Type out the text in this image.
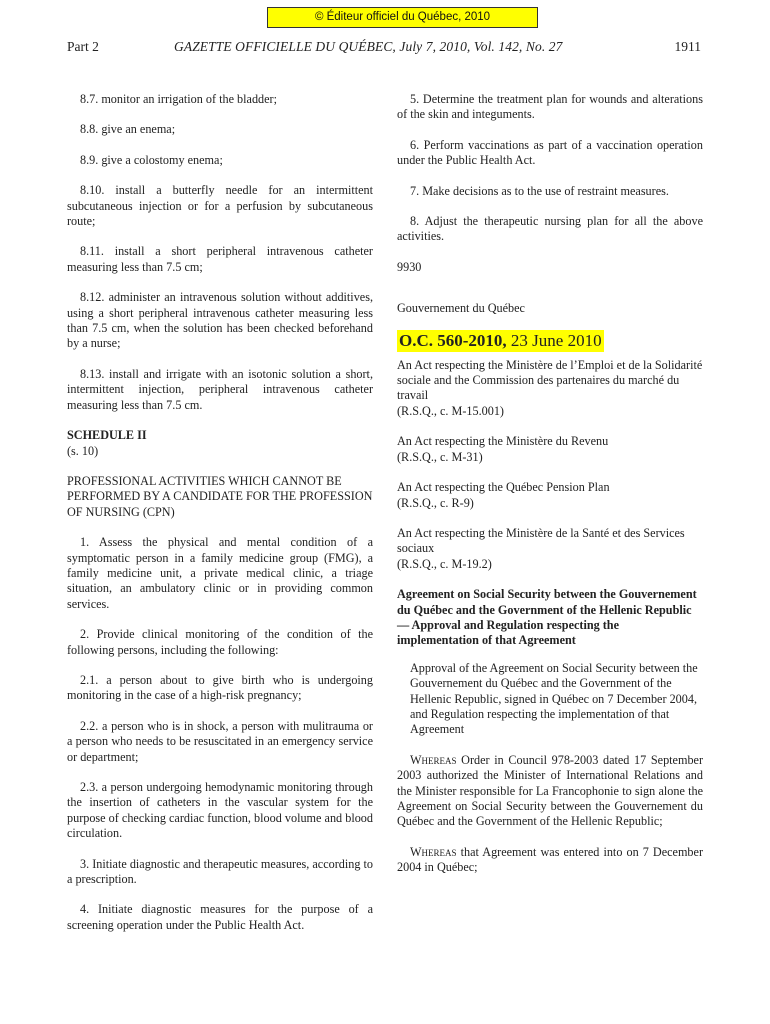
© Éditeur officiel du Québec, 2010
Part 2	GAZETTE OFFICIELLE DU QUÉBEC, July 7, 2010, Vol. 142, No. 27	1911

8.7. monitor an irrigation of the bladder;

8.8. give an enema;

8.9. give a colostomy enema;

8.10. install a butterfly needle for an intermittent subcutaneous injection or for a perfusion by subcutaneous route;

8.11. install a short peripheral intravenous catheter measuring less than 7.5 cm;

8.12. administer an intravenous solution without additives, using a short peripheral intravenous catheter measuring less than 7.5 cm, when the solution has been checked beforehand by a nurse;

8.13. install and irrigate with an isotonic solution a short, intermittent injection, peripheral intravenous catheter measuring less than 7.5 cm.

SCHEDULE II

(s. 10)

PROFESSIONAL ACTIVITIES WHICH CANNOT BE PERFORMED BY A CANDIDATE FOR THE PROFESSION OF NURSING (CPN)

1. Assess the physical and mental condition of a symptomatic person in a family medicine group (FMG), a family medicine unit, a private medical clinic, a triage situation, an ambulatory clinic or in providing common services.

2. Provide clinical monitoring of the condition of the following persons, including the following:

2.1. a person about to give birth who is undergoing monitoring in the case of a high-risk pregnancy;

2.2. a person who is in shock, a person with mulitrauma or a person who needs to be resuscitated in an emergency service or department;

2.3. a person undergoing hemodynamic monitoring through the insertion of catheters in the vascular system for the purpose of checking cardiac function, blood volume and blood circulation.

3. Initiate diagnostic and therapeutic measures, according to a prescription.

4. Initiate diagnostic measures for the purpose of a screening operation under the Public Health Act.

5. Determine the treatment plan for wounds and alterations of the skin and integuments.

6. Perform vaccinations as part of a vaccination operation under the Public Health Act.

7. Make decisions as to the use of restraint measures.

8. Adjust the therapeutic nursing plan for all the above activities.

9930

Gouvernement du Québec

O.C. 560-2010, 23 June 2010

An Act respecting the Ministère de l’Emploi et de la Solidarité sociale and the Commission des partenaires du marché du travail
(R.S.Q., c. M-15.001)

An Act respecting the Ministère du Revenu
(R.S.Q., c. M-31)

An Act respecting the Québec Pension Plan
(R.S.Q., c. R-9)

An Act respecting the Ministère de la Santé et des Services sociaux
(R.S.Q., c. M-19.2)

Agreement on Social Security between the Gouvernement du Québec and the Government of the Hellenic Republic — Approval and Regulation respecting the implementation of that Agreement

Approval of the Agreement on Social Security between the Gouvernement du Québec and the Government of the Hellenic Republic, signed in Québec on 7 December 2004, and Regulation respecting the implementation of that Agreement

Whereas Order in Council 978-2003 dated 17 September 2003 authorized the Minister of International Relations and the Minister responsible for La Francophonie to sign alone the Agreement on Social Security between the Gouvernement du Québec and the Government of the Hellenic Republic;

Whereas that Agreement was entered into on 7 December 2004 in Québec;
